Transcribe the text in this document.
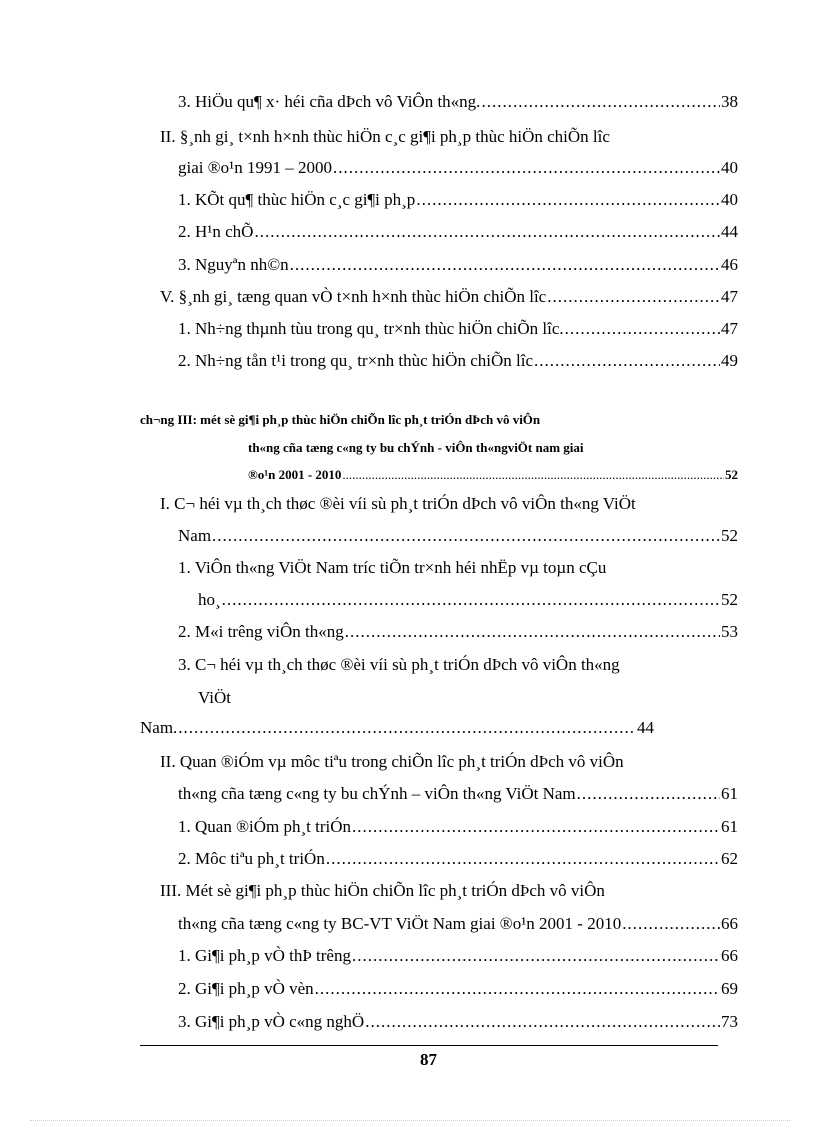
3. HiÖu qu¶ x· héi cña dÞch vô ViÔn th«ng. .....	38
II. §¸nh gi¸ t×nh h×nh thùc hiÖn c¸c gi¶i ph¸p thùc hiÖn chiÕn lîc
giai ®o¹n 1991 – 2000 .....	40
1. KÕt qu¶ thùc hiÖn c¸c gi¶i ph¸p .....	40
2. H¹n chÕ .....	44
3. Nguyªn nh©n .....	46
V. §¸nh gi¸ tæng quan vÒ t×nh h×nh thùc hiÖn chiÕn lîc .....	47
1. Nh÷ng thµnh tùu trong qu¸ tr×nh thùc hiÖn chiÕn lîc. .....	47
2. Nh÷ng tån t¹i trong qu¸ tr×nh thùc hiÖn chiÕn lîc .....	49
ch¬ng III: mét sè gi¶i ph¸p thùc hiÖn chiÕn lîc ph¸t triÓn dÞch vô viÔn
th«ng cña tæng c«ng ty bu chÝnh - viÔn th«ngviÖt nam giai
®o¹n 2001 - 2010 .....	52
I. C¬ héi vµ th¸ch thøc ®èi víi sù ph¸t triÓn dÞch vô viÔn th«ng ViÖt
Nam .....	52
1. ViÔn th«ng ViÖt Nam tríc tiÕn tr×nh héi nhËp vµ toµn cÇu
ho¸ .....	52
2. M«i trêng viÔn th«ng .....	53
3. C¬ héi vµ th¸ch thøc ®èi víi sù ph¸t triÓn dÞch vô viÔn th«ng
ViÖt
Nam. .....	44
II. Quan ®iÓm vµ môc tiªu trong chiÕn lîc ph¸t triÓn dÞch vô viÔn
th«ng cña tæng c«ng ty bu chÝnh – viÔn th«ng ViÖt Nam .....	61
1. Quan ®iÓm ph¸t triÓn .....	61
2. Môc tiªu ph¸t triÓn .....	62
III. Mét sè gi¶i ph¸p thùc hiÖn chiÕn lîc ph¸t triÓn dÞch vô viÔn
th«ng cña tæng c«ng ty BC-VT ViÖt Nam giai ®o¹n 2001 - 2010 .....	66
1. Gi¶i ph¸p vÒ thÞ trêng .....	66
2. Gi¶i ph¸p vÒ vèn .....	69
3. Gi¶i ph¸p vÒ c«ng nghÖ .....	73
87
